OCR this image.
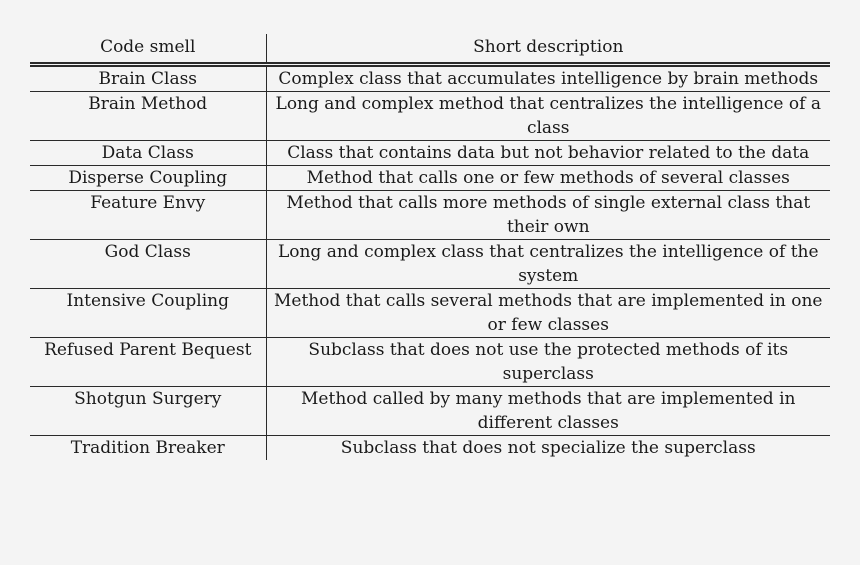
Code smell	Short description
Brain Class	Complex class that accumulates intelligence by brain methods
Brain Method	Long and complex method that centralizes the intelligence of a class
Data Class	Class that contains data but not behavior related to the data
Disperse Coupling	Method that calls one or few methods of several classes
Feature Envy	Method that calls more methods of single external class that their own
God Class	Long and complex class that centralizes the intelligence of the system
Intensive Coupling	Method that calls several methods that are implemented in one or few classes
Refused Parent Bequest	Subclass that does not use the protected methods of its superclass
Shotgun Surgery	Method called by many methods that are implemented in different classes
Tradition Breaker	Subclass that does not specialize the superclass
